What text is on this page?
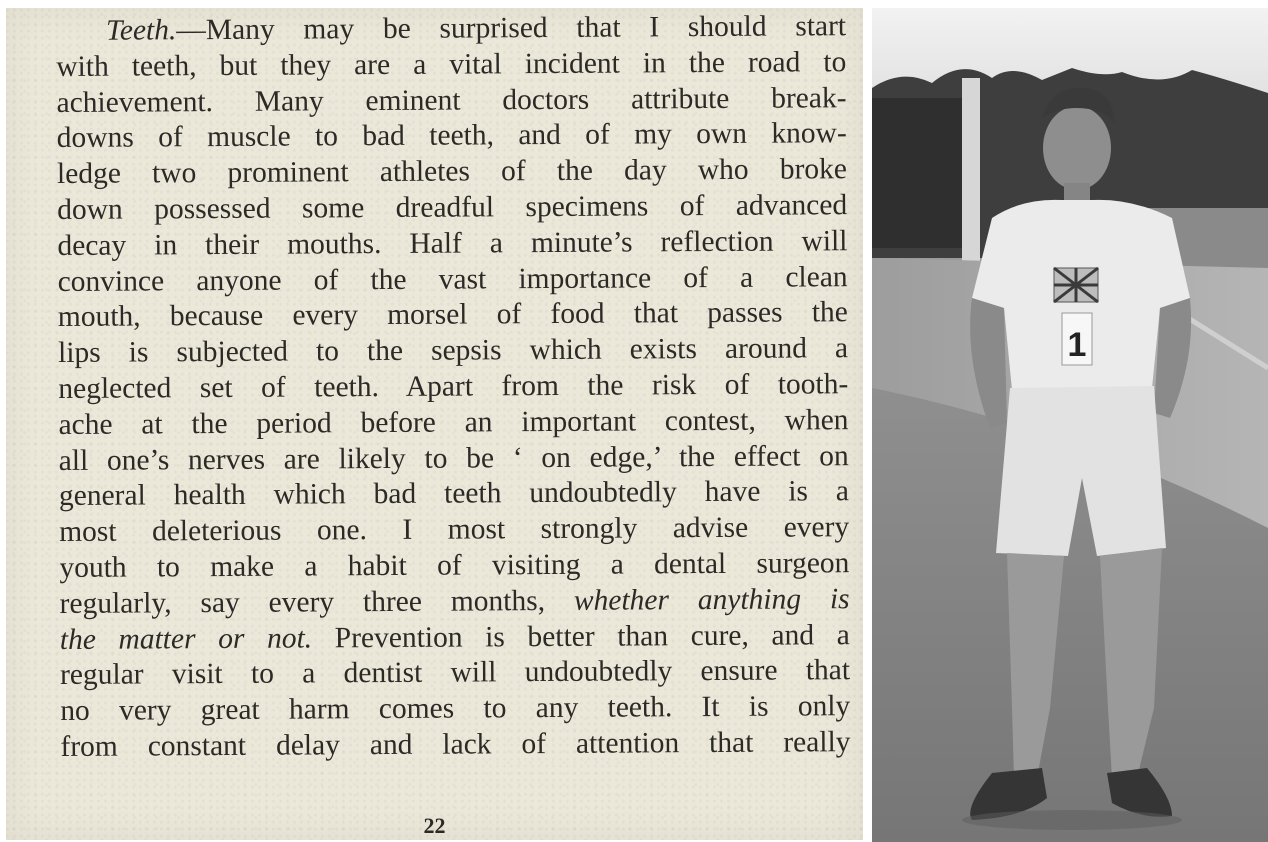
Teeth.—Many may be surprised that I should start
with teeth, but they are a vital incident in the road to
achievement. Many eminent doctors attribute break-
downs of muscle to bad teeth, and of my own know-
ledge two prominent athletes of the day who broke
down possessed some dreadful specimens of advanced
decay in their mouths. Half a minute’s reflection will
convince anyone of the vast importance of a clean
mouth, because every morsel of food that passes the
lips is subjected to the sepsis which exists around a
neglected set of teeth. Apart from the risk of tooth-
ache at the period before an important contest, when
all one’s nerves are likely to be ‘ on edge,’ the effect on
general health which bad teeth undoubtedly have is a
most deleterious one. I most strongly advise every
youth to make a habit of visiting a dental surgeon
regularly, say every three months, whether anything is
the matter or not. Prevention is better than cure, and a
regular visit to a dentist will undoubtedly ensure that
no very great harm comes to any teeth. It is only
from constant delay and lack of attention that really
22
1
